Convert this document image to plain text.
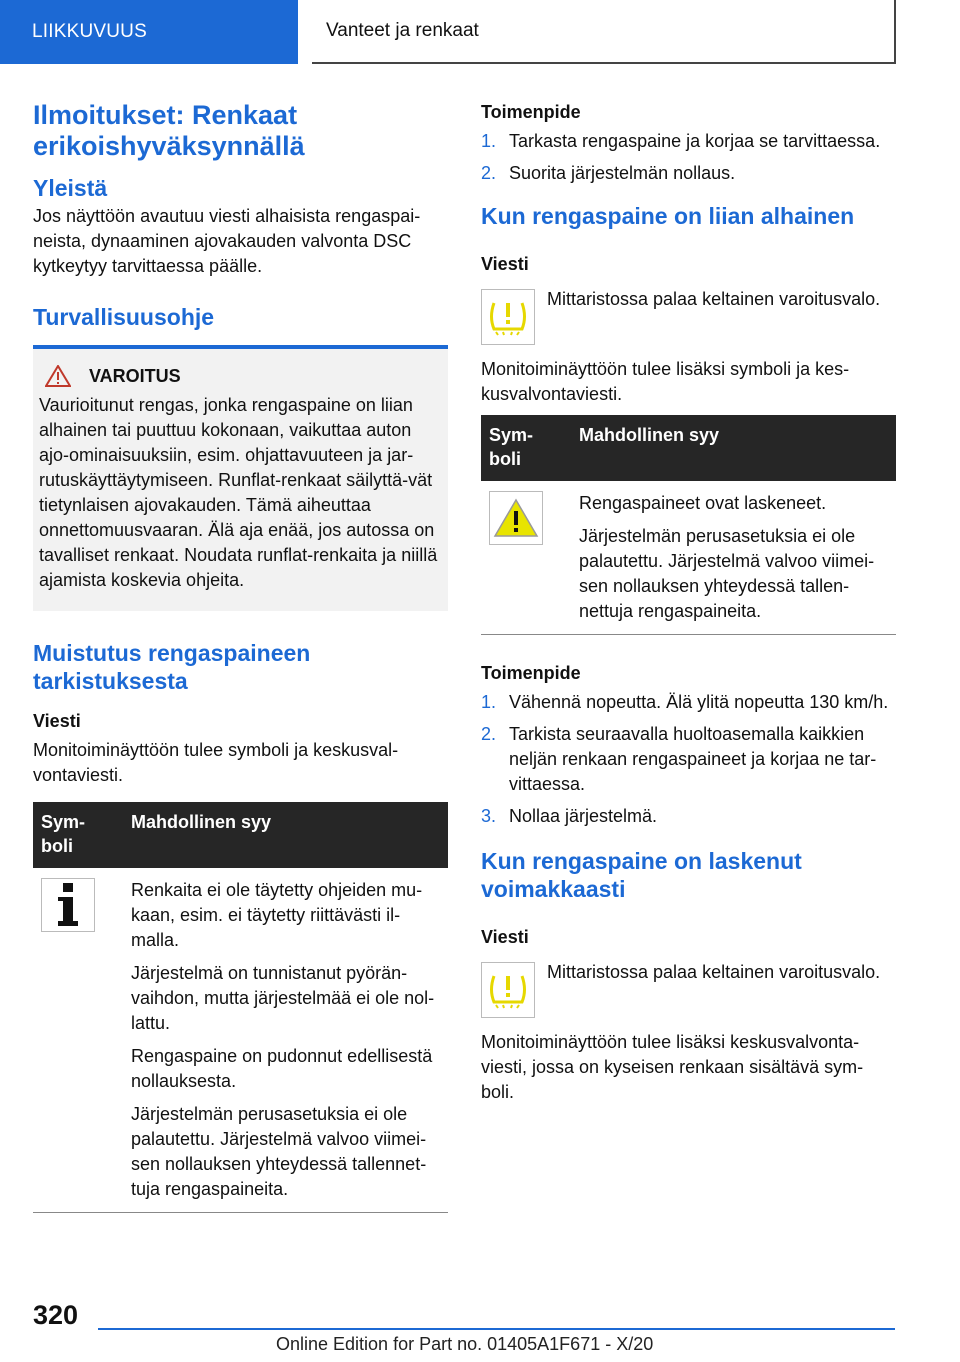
LIIKKUVUUS	Vanteet ja renkaat
Ilmoitukset: Renkaat erikoishyväksynnällä
Yleistä

Jos näyttöön avautuu viesti alhaisista rengaspai-neista, dynaaminen ajovakauden valvonta DSC kytkeytyy tarvittaessa päälle.

Turvallisuusohje
VAROITUS

Vaurioitunut rengas, jonka rengaspaine on liian alhainen tai puuttuu kokonaan, vaikuttaa auton ajo-ominaisuuksiin, esim. ohjattavuuteen ja jar-rutuskäyttäytymiseen. Runflat-renkaat säilyttä-vät tietynlaisen ajovakauden. Tämä aiheuttaa onnettomuusvaaran. Älä aja enää, jos autossa on tavalliset renkaat. Noudata runflat-renkaita ja niillä ajamista koskevia ohjeita.

Muistutus rengaspaineen tarkistuksesta
Viesti

Monitoiminäyttöön tulee symboli ja keskusval-vontaviesti.

Sym-boli	Mahdollinen syy

Renkaita ei ole täytetty ohjeiden mu-kaan, esim. ei täytetty riittävästi il-malla.

Järjestelmä on tunnistanut pyörän-vaihdon, mutta järjestelmää ei ole nol-lattu.

Rengaspaine on pudonnut edellisestä nollauksesta.

Järjestelmän perusasetuksia ei ole palautettu. Järjestelmä valvoo viimei-sen nollauksen yhteydessä tallennet-tuja rengaspaineita.

Toimenpide
1. Tarkasta rengaspaine ja korjaa se tarvittaessa.
2. Suorita järjestelmän nollaus.
Kun rengaspaine on liian alhainen
Viesti

Mittaristossa palaa keltainen varoitusvalo.

Monitoiminäyttöön tulee lisäksi symboli ja kes-kusvalvontaviesti.

Sym-boli	Mahdollinen syy

Rengaspaineet ovat laskeneet.

Järjestelmän perusasetuksia ei ole palautettu. Järjestelmä valvoo viimei-sen nollauksen yhteydessä tallen-nettuja rengaspaineita.

Toimenpide
1. Vähennä nopeutta. Älä ylitä nopeutta 130 km/h.
2. Tarkista seuraavalla huoltoasemalla kaikkien neljän renkaan rengaspaineet ja korjaa ne tar-vittaessa.
3. Nollaa järjestelmä.
Kun rengaspaine on laskenut voimakkaasti
Viesti

Mittaristossa palaa keltainen varoitusvalo.

Monitoiminäyttöön tulee lisäksi keskusvalvonta-viesti, jossa on kyseisen renkaan sisältävä sym-boli.

320
Online Edition for Part no. 01405A1F671 - X/20
